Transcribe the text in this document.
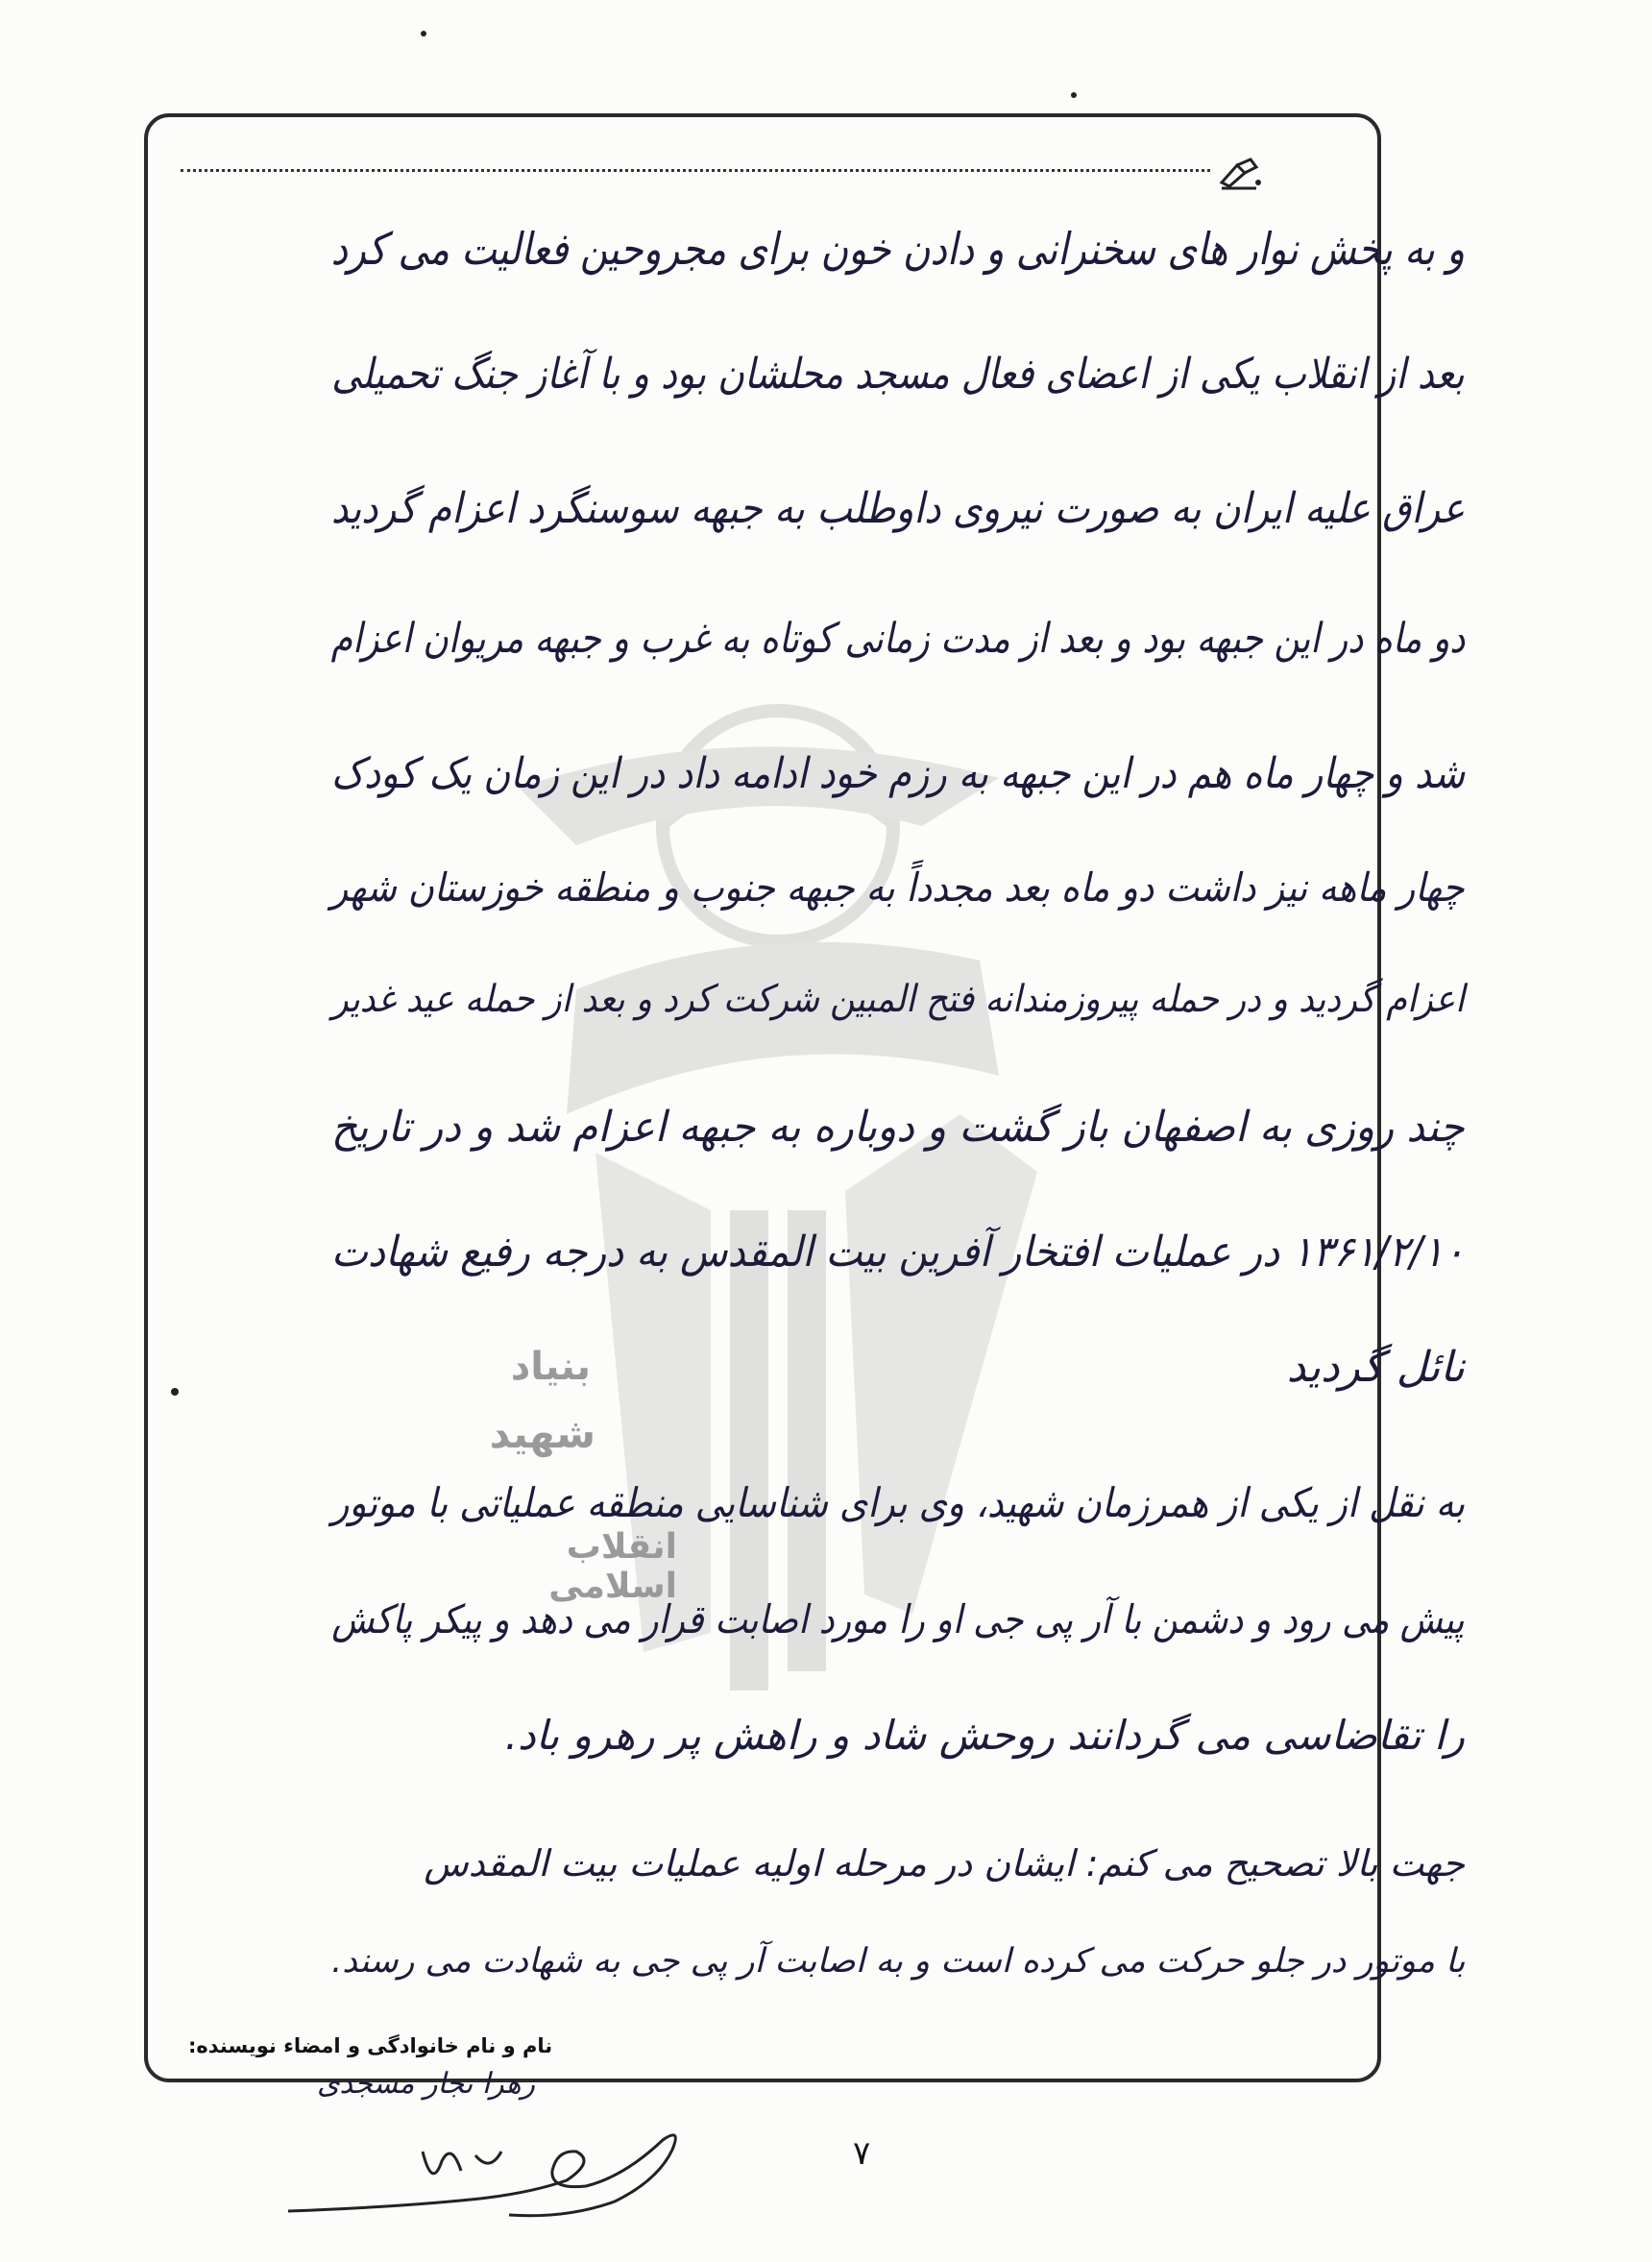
بنیاد
شهید
انقلاب اسلامی
و به پخش نوار های سخنرانی و دادن خون برای مجروحین فعالیت می کرد
بعد از انقلاب یکی از اعضای فعال مسجد محلشان بود و با آغاز جنگ تحمیلی
عراق علیه ایران به صورت نیروی داوطلب به جبهه سوسنگرد اعزام گردید
دو ماه در این جبهه بود و بعد از مدت زمانی کوتاه به غرب و جبهه مریوان اعزام
شد و چهار ماه هم در این جبهه به رزم خود ادامه داد در این زمان یک کودک
چهار ماهه نیز داشت دو ماه بعد مجدداً به جبهه جنوب و منطقه خوزستان شهر
اعزام گردید و در حمله پیروزمندانه فتح المبین شرکت کرد و بعد از حمله عید غدیر
چند روزی به اصفهان باز گشت و دوباره به جبهه اعزام شد و در تاریخ
۱۳۶۱/۲/۱۰ در عملیات افتخار آفرین بیت المقدس به درجه رفیع شهادت
نائل گردید
به نقل از یکی از همرزمان شهید، وی برای شناسایی منطقه عملیاتی با موتور
پیش می رود و دشمن با آر پی جی او را مورد اصابت قرار می دهد و پیکر پاکش
را تقاضاسی می گردانند روحش شاد و راهش پر رهرو باد.
جهت بالا تصحیح می کنم: ایشان در مرحله اولیه عملیات بیت المقدس
با موتور در جلو حرکت می کرده است و به اصابت آر پی جی به شهادت می رسند.
نام و نام خانوادگی و امضاء نویسنده:
زهرا نجار مسجدی
۷
